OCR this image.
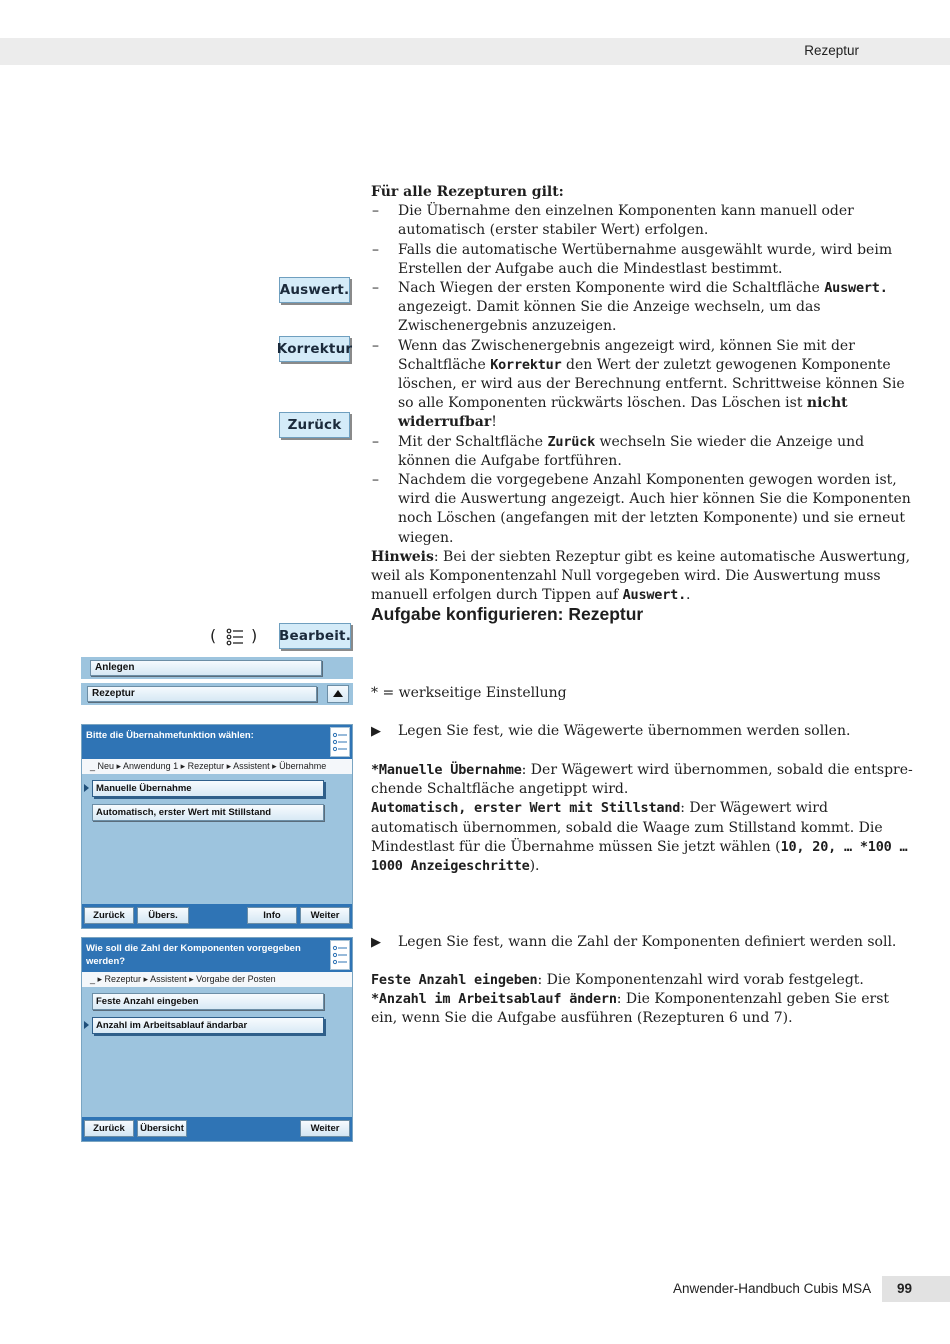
Rezeptur
Auswert.
Korrektur
Zurück

Für alle Rezepturen gilt:

– Die Übernahme den einzelnen Komponenten kann manuell oder automatisch (erster stabiler Wert) erfolgen.

– Falls die automatische Wertübernahme ausgewählt wurde, wird beim Erstellen der Aufgabe auch die Mindestlast bestimmt.

– Nach Wiegen der ersten Komponente wird die Schaltfläche Auswert. angezeigt. Damit können Sie die Anzeige wechseln, um das Zwischenergebnis anzuzeigen.

– Wenn das Zwischenergebnis angezeigt wird, können Sie mit der Schaltfläche Korrektur den Wert der zuletzt gewogenen Komponente löschen, er wird aus der Berechnung entfernt. Schrittweise können Sie so alle Komponenten rückwärts löschen. Das Löschen ist nicht widerrufbar!

– Mit der Schaltfläche Zurück wechseln Sie wieder die Anzeige und können die Aufgabe fortführen.

– Nachdem die vorgegebene Anzahl Komponenten gewogen worden ist, wird die Auswertung angezeigt. Auch hier können Sie die Komponenten noch Löschen (angefangen mit der letzten Komponente) und sie erneut wiegen.

Hinweis: Bei der siebten Rezeptur gibt es keine automatische Auswertung, weil als Komponentenzahl Null vorgegeben wird. Die Auswertung muss manuell erfolgen durch Tippen auf Auswert..

Aufgabe konfigurieren: Rezeptur
( ) Bearbeit.
Anlegen
Rezeptur	* = werkseitige Einstellung

▶ Legen Sie fest, wie die Wägewerte übernommen werden sollen.

*Manuelle Übernahme: Der Wägewert wird übernommen, sobald die entsprechende Schaltfläche angetippt wird.

Automatisch, erster Wert mit Stillstand: Der Wägewert wird automatisch übernommen, sobald die Waage zum Stillstand kommt. Die Mindestlast für die Übernahme müssen Sie jetzt wählen (10, 20, … *100 … 1000 Anzeigeschritte).

▶ Legen Sie fest, wann die Zahl der Komponenten definiert werden soll.

Feste Anzahl eingeben: Die Komponentenzahl wird vorab festgelegt.

*Anzahl im Arbeitsablauf ändern: Die Komponentenzahl geben Sie erst ein, wenn Sie die Aufgabe ausführen (Rezepturen 6 und 7).

Bitte die Übernahmefunktion wählen:
_ Neu ▸ Anwendung 1 ▸ Rezeptur ▸ Assistent ▸ Übernahme
Manuelle Übernahme
Automatisch, erster Wert mit Stillstand
Zurück	Übers.	Info	Weiter
Wie soll die Zahl der Komponenten vorgegeben werden?
_ ▸ Rezeptur ▸ Assistent ▸ Vorgabe der Posten
Feste Anzahl eingeben
Anzahl im Arbeitsablauf ändarbar
Zurück	Übersicht	Weiter
Anwender-Handbuch Cubis MSA 99
